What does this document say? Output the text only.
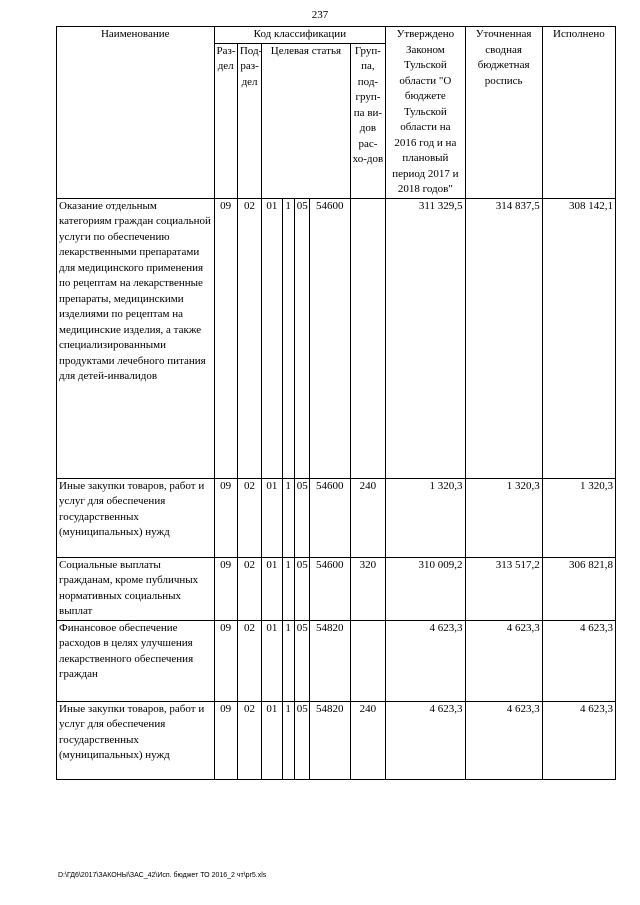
237
Наименование	Код классификации							Утверждено Законом Тульской области "О бюджете Тульской области на 2016 год и на плановый период 2017 и 2018 годов"	Уточненная сводная бюджетная роспись	Исполнено
	Раз-дел	Под-раз-дел	Целевая статья				Груп-па, под-груп-па ви-дов рас-хо-дов			
Оказание отдельным категориям граждан социальной услуги по обеспечению лекарственными препаратами для медицинского применения по рецептам на лекарственные препараты, медицинскими изделиями по рецептам на медицинские изделия, а также специализированными продуктами лечебного питания для детей-инвалидов	09	02	01	1	05	54600		311 329,5	314 837,5	308 142,1
Иные закупки товаров, работ и услуг для обеспечения государственных (муниципальных) нужд	09	02	01	1	05	54600	240	1 320,3	1 320,3	1 320,3
Социальные выплаты гражданам, кроме публичных нормативных социальных выплат	09	02	01	1	05	54600	320	310 009,2	313 517,2	306 821,8
Финансовое обеспечение расходов в целях улучшения лекарственного обеспечения граждан	09	02	01	1	05	54820		4 623,3	4 623,3	4 623,3
Иные закупки товаров, работ и услуг для обеспечения государственных (муниципальных) нужд	09	02	01	1	05	54820	240	4 623,3	4 623,3	4 623,3
D:\ГД6\2017\ЗАКОНЫ\ЗАС_42\Исп. бюджет ТО 2016_2 чт\pr5.xls
